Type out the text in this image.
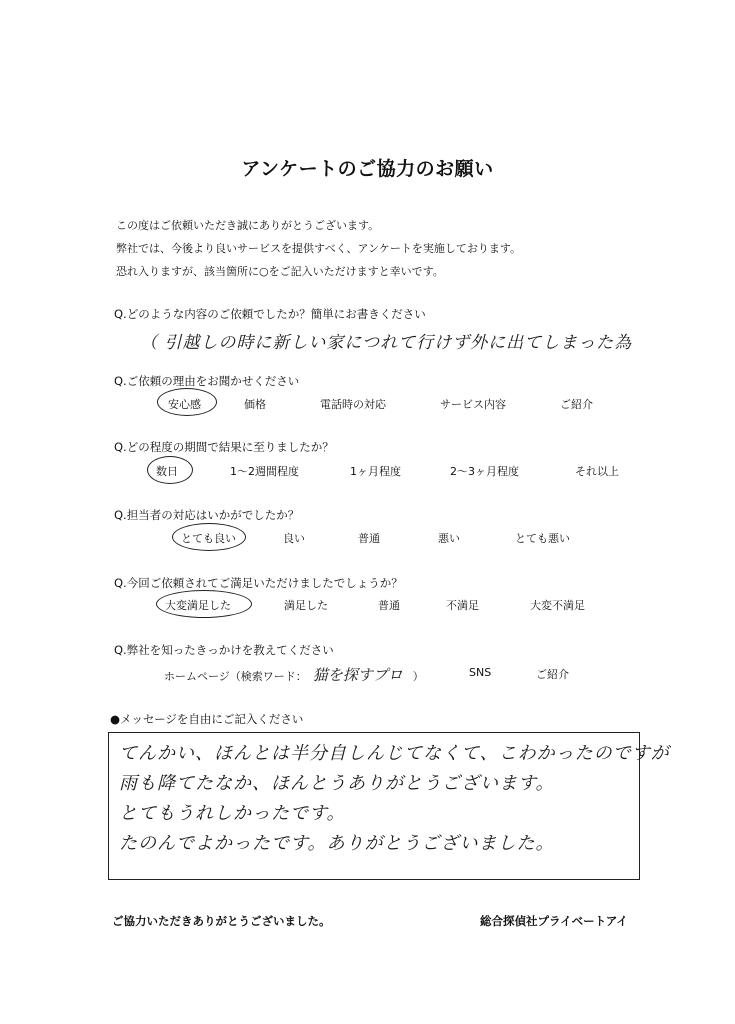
アンケートのご協力のお願い
この度はご依頼いただき誠にありがとうございます。
弊社では、今後より良いサービスを提供すべく、アンケートを実施しております。
恐れ入りますが、該当箇所に○をご記入いただけますと幸いです。
Q.どのような内容のご依頼でしたか？簡単にお書きください
（ 引越しの時に新しい家につれて行けず外に出てしまった為
Q.ご依頼の理由をお聞かせください
安心感	価格	電話時の対応	サービス内容	ご紹介
Q.どの程度の期間で結果に至りましたか？
数日	1～2週間程度	1ヶ月程度	2～3ヶ月程度	それ以上
Q.担当者の対応はいかがでしたか？
とても良い	良い	普通	悪い	とても悪い
Q.今回ご依頼されてご満足いただけましたでしょうか？
大変満足した	満足した	普通	不満足	大変不満足
Q.弊社を知ったきっかけを教えてください
ホームページ（検索ワード： 猫を探すプロ ）	SNS	ご紹介
●メッセージを自由にご記入ください
てんかい、ほんとは半分自しんじてなくて、こわかったのですが
雨も降てたなか、ほんとうありがとうございます。
とてもうれしかったです。
たのんでよかったです。ありがとうございました。
ご協力いただきありがとうございました。	総合探偵社プライベートアイ
